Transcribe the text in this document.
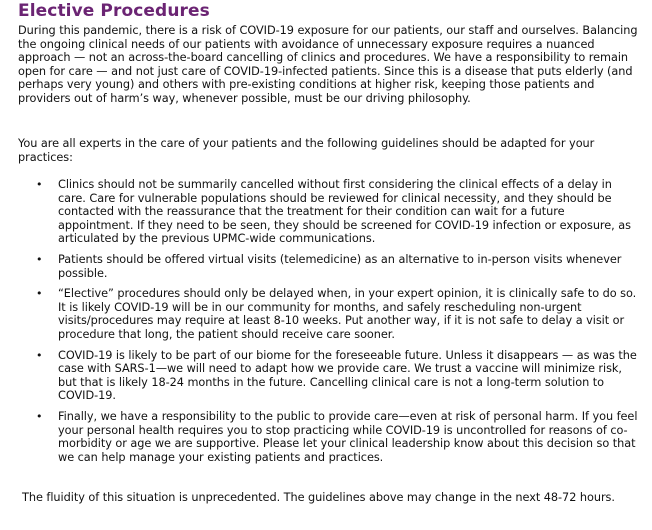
Elective Procedures

During this pandemic, there is a risk of COVID-19 exposure for our patients, our staff and ourselves. Balancing the ongoing clinical needs of our patients with avoidance of unnecessary exposure requires a nuanced approach — not an across-the-board cancelling of clinics and procedures. We have a responsibility to remain open for care — and not just care of COVID-19-infected patients. Since this is a disease that puts elderly (and perhaps very young) and others with pre-existing conditions at higher risk, keeping those patients and providers out of harm’s way, whenever possible, must be our driving philosophy.

You are all experts in the care of your patients and the following guidelines should be adapted for your practices:

• Clinics should not be summarily cancelled without first considering the clinical effects of a delay in care. Care for vulnerable populations should be reviewed for clinical necessity, and they should be contacted with the reassurance that the treatment for their condition can wait for a future appointment. If they need to be seen, they should be screened for COVID-19 infection or exposure, as articulated by the previous UPMC-wide communications.
• Patients should be offered virtual visits (telemedicine) as an alternative to in-person visits whenever possible.
• “Elective” procedures should only be delayed when, in your expert opinion, it is clinically safe to do so. It is likely COVID-19 will be in our community for months, and safely rescheduling non-urgent visits/procedures may require at least 8-10 weeks. Put another way, if it is not safe to delay a visit or procedure that long, the patient should receive care sooner.
• COVID-19 is likely to be part of our biome for the foreseeable future. Unless it disappears — as was the case with SARS-1—we will need to adapt how we provide care. We trust a vaccine will minimize risk, but that is likely 18-24 months in the future. Cancelling clinical care is not a long-term solution to COVID-19.
• Finally, we have a responsibility to the public to provide care—even at risk of personal harm. If you feel your personal health requires you to stop practicing while COVID-19 is uncontrolled for reasons of co-morbidity or age we are supportive. Please let your clinical leadership know about this decision so that we can help manage your existing patients and practices.

The fluidity of this situation is unprecedented. The guidelines above may change in the next 48-72 hours.
